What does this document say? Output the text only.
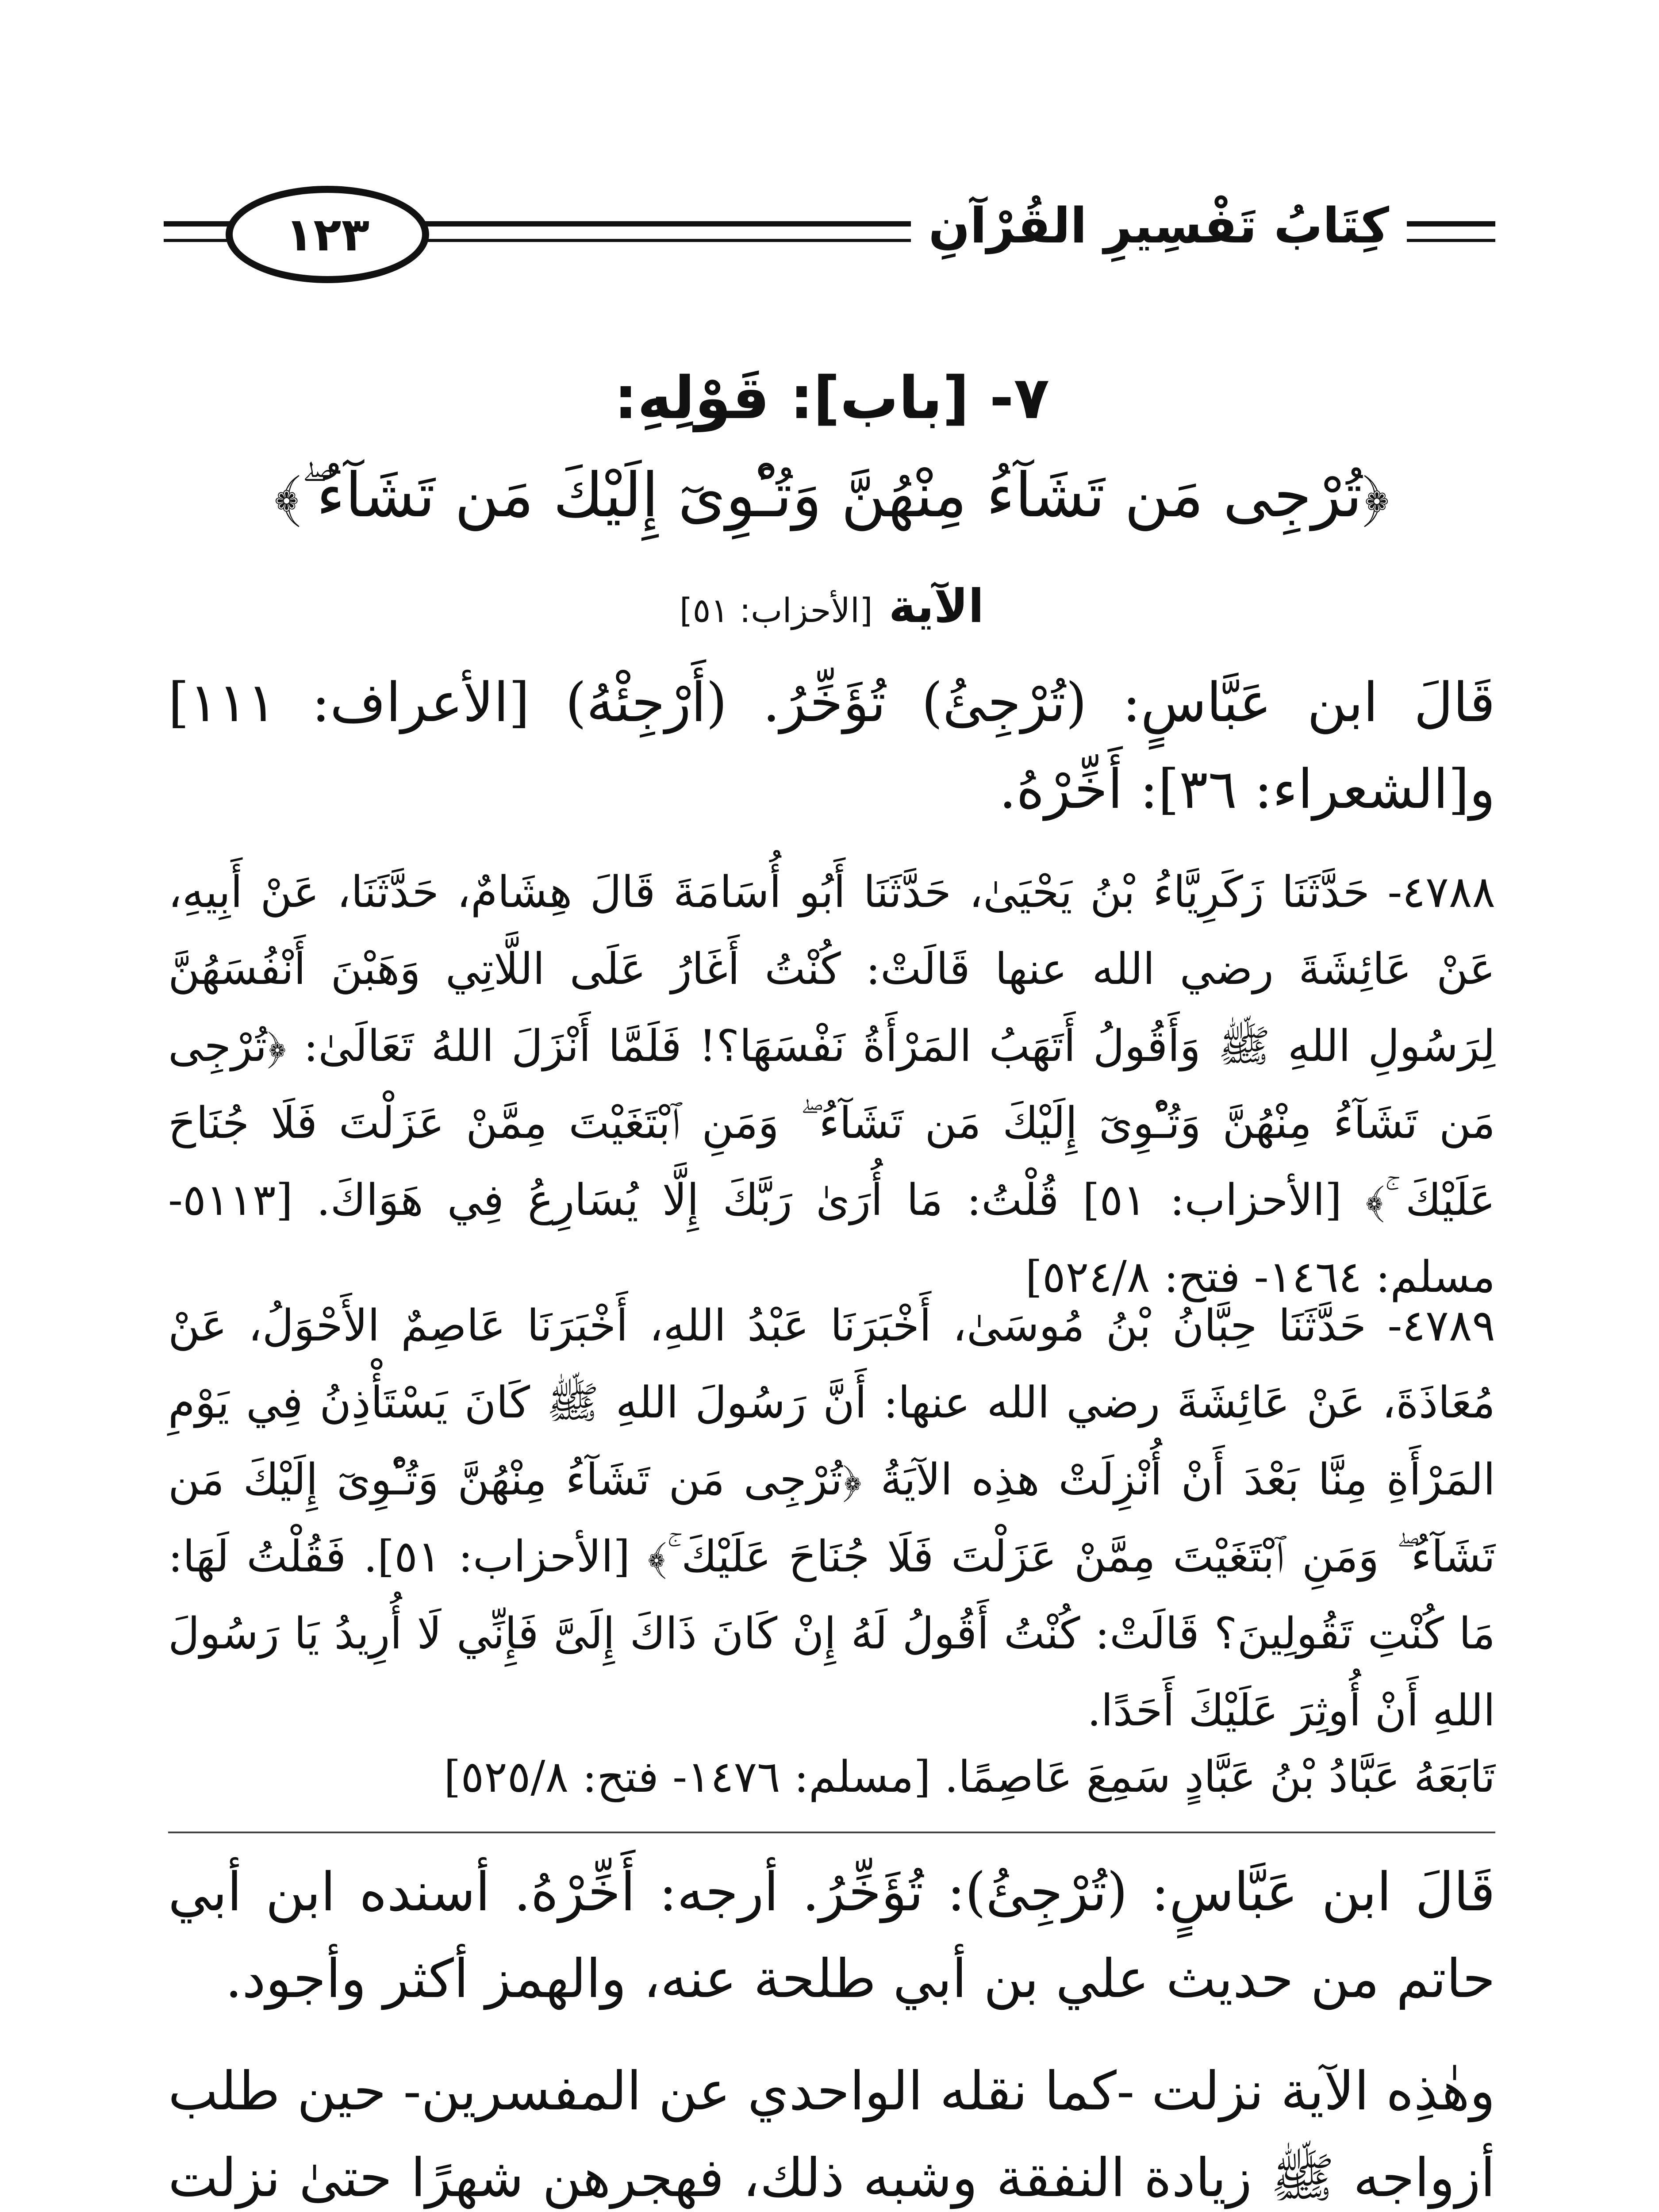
١٢٣	كِتَابُ تَفْسِيرِ القُرْآنِ

٧- [باب]: قَوْلِهِ:

﴿تُرْجِى مَن تَشَآءُ مِنْهُنَّ وَتُـْٔوِىٓ إِلَيْكَ مَن تَشَآءُ ۖ﴾

الآية [الأحزاب: ٥١]

قَالَ ابن عَبَّاسٍ: (تُرْجِئُ) تُؤَخِّرُ. (أَرْجِئْهُ) [الأعراف: ١١١] و[الشعراء: ٣٦]: أَخِّرْهُ.

٤٧٨٨- حَدَّثَنَا زَكَرِيَّاءُ بْنُ يَحْيَىٰ، حَدَّثَنَا أَبُو أُسَامَةَ قَالَ هِشَامٌ، حَدَّثَنَا، عَنْ أَبِيهِ، عَنْ عَائِشَةَ رضي الله عنها قَالَتْ: كُنْتُ أَغَارُ عَلَى اللَّاتِي وَهَبْنَ أَنْفُسَهُنَّ لِرَسُولِ اللهِ ﷺ وَأَقُولُ أَتَهَبُ المَرْأَةُ نَفْسَهَا؟! فَلَمَّا أَنْزَلَ اللهُ تَعَالَىٰ: ﴿تُرْجِى مَن تَشَآءُ مِنْهُنَّ وَتُـْٔوِىٓ إِلَيْكَ مَن تَشَآءُ ۖ وَمَنِ ٱبْتَغَيْتَ مِمَّنْ عَزَلْتَ فَلَا جُنَاحَ عَلَيْكَ ۚ﴾ [الأحزاب: ٥١] قُلْتُ: مَا أُرَىٰ رَبَّكَ إِلَّا يُسَارِعُ فِي هَوَاكَ. [٥١١٣- مسلم: ١٤٦٤- فتح: ٥٢٤/٨]

٤٧٨٩- حَدَّثَنَا حِبَّانُ بْنُ مُوسَىٰ، أَخْبَرَنَا عَبْدُ اللهِ، أَخْبَرَنَا عَاصِمٌ الأَحْوَلُ، عَنْ مُعَاذَةَ، عَنْ عَائِشَةَ رضي الله عنها: أَنَّ رَسُولَ اللهِ ﷺ كَانَ يَسْتَأْذِنُ فِي يَوْمِ المَرْأَةِ مِنَّا بَعْدَ أَنْ أُنْزِلَتْ هذِه الآيَةُ ﴿تُرْجِى مَن تَشَآءُ مِنْهُنَّ وَتُـْٔوِىٓ إِلَيْكَ مَن تَشَآءُ ۖ وَمَنِ ٱبْتَغَيْتَ مِمَّنْ عَزَلْتَ فَلَا جُنَاحَ عَلَيْكَ ۚ﴾ [الأحزاب: ٥١]. فَقُلْتُ لَهَا: مَا كُنْتِ تَقُولِينَ؟ قَالَتْ: كُنْتُ أَقُولُ لَهُ إِنْ كَانَ ذَاكَ إِلَىَّ فَإِنِّي لَا أُرِيدُ يَا رَسُولَ اللهِ أَنْ أُوثِرَ عَلَيْكَ أَحَدًا.

تَابَعَهُ عَبَّادُ بْنُ عَبَّادٍ سَمِعَ عَاصِمًا. [مسلم: ١٤٧٦- فتح: ٥٢٥/٨]

قَالَ ابن عَبَّاسٍ: (تُرْجِئُ): تُؤَخِّرُ. أرجه: أَخِّرْهُ. أسنده ابن أبي حاتم من حديث علي بن أبي طلحة عنه، والهمز أكثر وأجود.

وهٰذِه الآية نزلت -كما نقله الواحدي عن المفسرين- حين طلب أزواجه ﷺ زيادة النفقة وشبه ذلك، فهجرهن شهرًا حتىٰ نزلت
